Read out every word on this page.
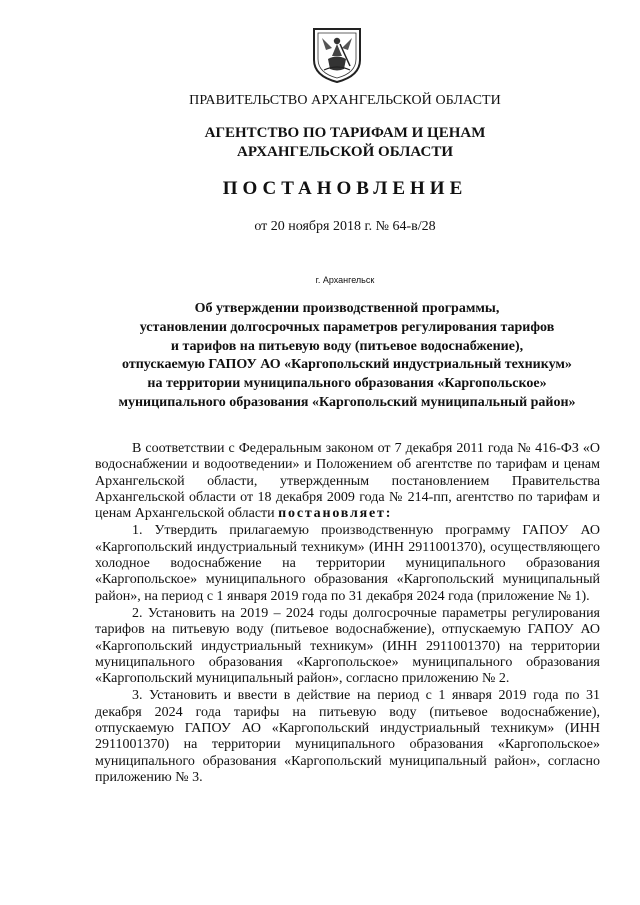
ПРАВИТЕЛЬСТВО АРХАНГЕЛЬСКОЙ ОБЛАСТИ
АГЕНТСТВО ПО ТАРИФАМ И ЦЕНАМ
АРХАНГЕЛЬСКОЙ ОБЛАСТИ
ПОСТАНОВЛЕНИЕ
от 20 ноября 2018 г. № 64-в/28
г. Архангельск
Об утверждении производственной программы,
установлении долгосрочных параметров регулирования тарифов
и тарифов на питьевую воду (питьевое водоснабжение),
отпускаемую ГАПОУ АО «Каргопольский индустриальный техникум»
на территории муниципального образования «Каргопольское»
муниципального образования «Каргопольский муниципальный район»

В соответствии с Федеральным законом от 7 декабря 2011 года № 416-ФЗ «О водоснабжении и водоотведении» и Положением об агентстве по тарифам и ценам Архангельской области, утвержденным постановлением Правительства Архангельской области от 18 декабря 2009 года № 214-пп, агентство по тарифам и ценам Архангельской области постановляет:

1. Утвердить прилагаемую производственную программу ГАПОУ АО «Каргопольский индустриальный техникум» (ИНН 2911001370), осуществляющего холодное водоснабжение на территории муниципального образования «Каргопольское» муниципального образования «Каргопольский муниципальный район», на период с 1 января 2019 года по 31 декабря 2024 года (приложение № 1).

2. Установить на 2019 – 2024 годы долгосрочные параметры регулирования тарифов на питьевую воду (питьевое водоснабжение), отпускаемую ГАПОУ АО «Каргопольский индустриальный техникум» (ИНН 2911001370) на территории муниципального образования «Каргопольское» муниципального образования «Каргопольский муниципальный район», согласно приложению № 2.

3. Установить и ввести в действие на период с 1 января 2019 года по 31 декабря 2024 года тарифы на питьевую воду (питьевое водоснабжение), отпускаемую ГАПОУ АО «Каргопольский индустриальный техникум» (ИНН 2911001370) на территории муниципального образования «Каргопольское» муниципального образования «Каргопольский муниципальный район», согласно приложению № 3.
